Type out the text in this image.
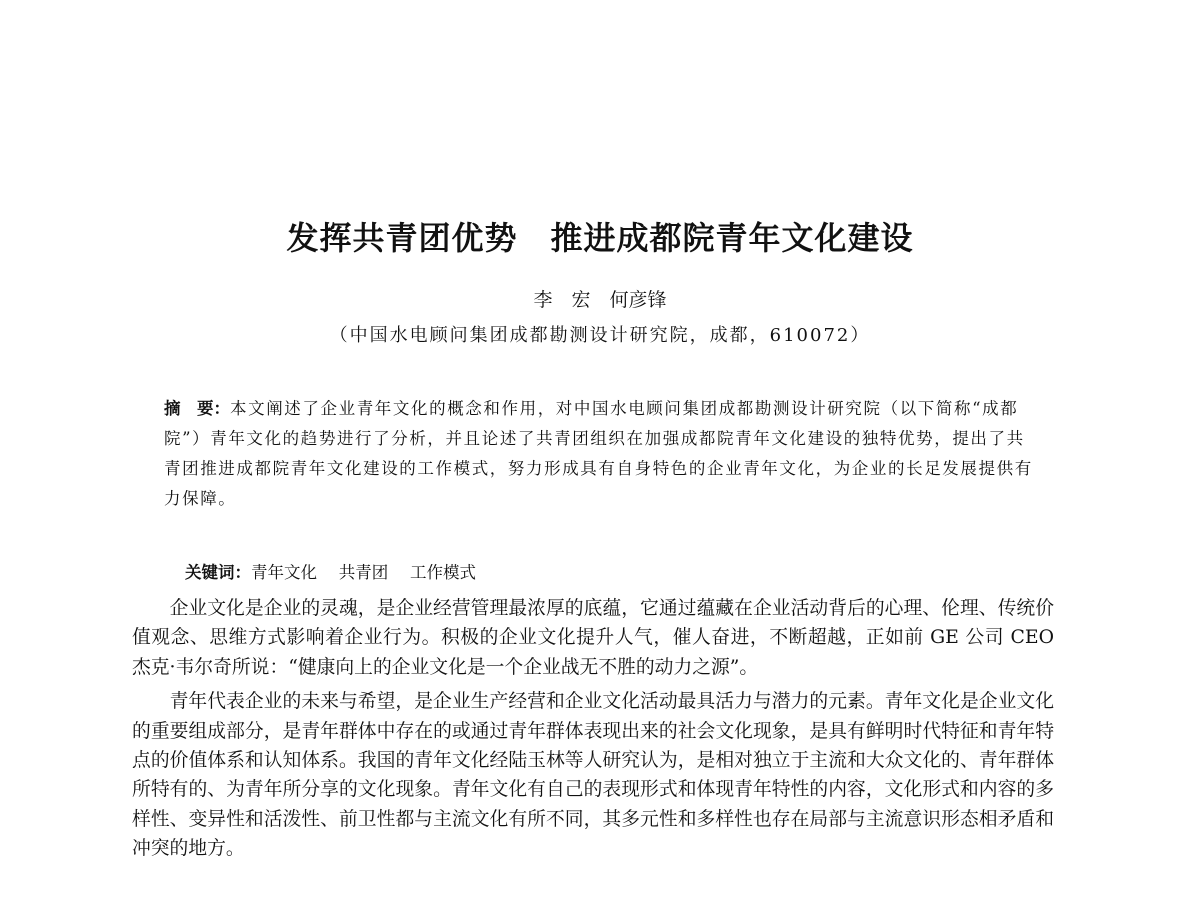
发挥共青团优势　推进成都院青年文化建设
李　宏　何彦锋
（中国水电顾问集团成都勘测设计研究院，成都，610072）
摘　要：本文阐述了企业青年文化的概念和作用，对中国水电顾问集团成都勘测设计研究院（以下简称“成都院”）青年文化的趋势进行了分析，并且论述了共青团组织在加强成都院青年文化建设的独特优势，提出了共青团推进成都院青年文化建设的工作模式，努力形成具有自身特色的企业青年文化，为企业的长足发展提供有力保障。

关键词：青年文化　 共青团　 工作模式

企业文化是企业的灵魂，是企业经营管理最浓厚的底蕴，它通过蕴藏在企业活动背后的心理、伦理、传统价值观念、思维方式影响着企业行为。积极的企业文化提升人气，催人奋进，不断超越，正如前 GE 公司 CEO 杰克·韦尔奇所说：“健康向上的企业文化是一个企业战无不胜的动力之源”。

青年代表企业的未来与希望，是企业生产经营和企业文化活动最具活力与潜力的元素。青年文化是企业文化的重要组成部分，是青年群体中存在的或通过青年群体表现出来的社会文化现象，是具有鲜明时代特征和青年特点的价值体系和认知体系。我国的青年文化经陆玉林等人研究认为，是相对独立于主流和大众文化的、青年群体所特有的、为青年所分享的文化现象。青年文化有自己的表现形式和体现青年特性的内容，文化形式和内容的多样性、变异性和活泼性、前卫性都与主流文化有所不同，其多元性和多样性也存在局部与主流意识形态相矛盾和冲突的地方。
